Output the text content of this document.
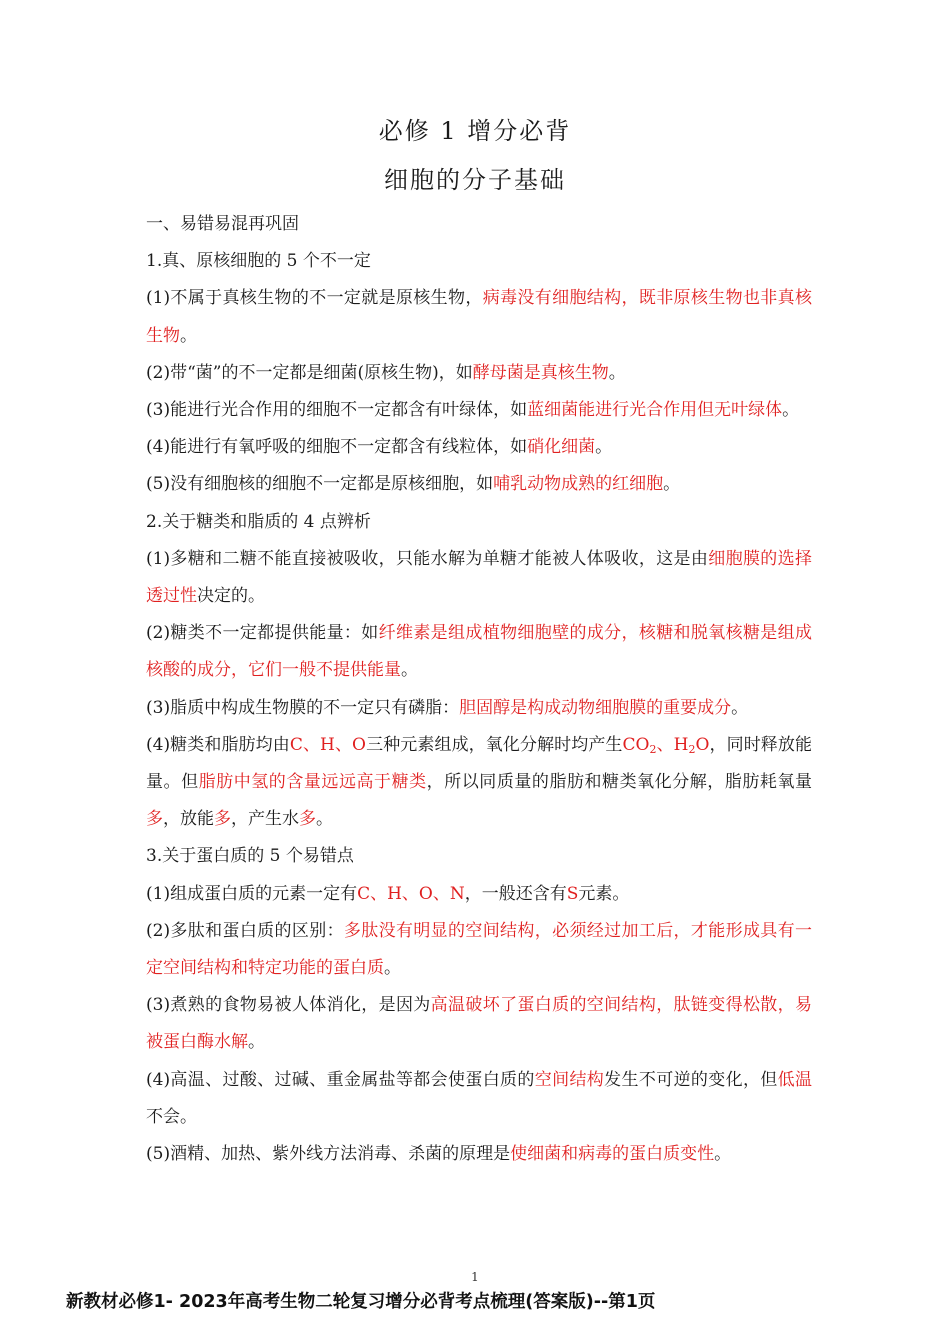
必修 1 增分必背
细胞的分子基础
一、易错易混再巩固
1.真、原核细胞的 5 个不一定
(1)不属于真核生物的不一定就是原核生物，病毒没有细胞结构，既非原核生物也非真核生物。
(2)带“菌”的不一定都是细菌(原核生物)，如酵母菌是真核生物。
(3)能进行光合作用的细胞不一定都含有叶绿体，如蓝细菌能进行光合作用但无叶绿体。
(4)能进行有氧呼吸的细胞不一定都含有线粒体，如硝化细菌。
(5)没有细胞核的细胞不一定都是原核细胞，如哺乳动物成熟的红细胞。
2.关于糖类和脂质的 4 点辨析
(1)多糖和二糖不能直接被吸收，只能水解为单糖才能被人体吸收，这是由细胞膜的选择透过性决定的。
(2)糖类不一定都提供能量：如纤维素是组成植物细胞壁的成分，核糖和脱氧核糖是组成核酸的成分，它们一般不提供能量。
(3)脂质中构成生物膜的不一定只有磷脂：胆固醇是构成动物细胞膜的重要成分。
(4)糖类和脂肪均由C、H、O三种元素组成，氧化分解时均产生$CO_2$、$H_2O$，同时释放能量。但脂肪中氢的含量远远高于糖类，所以同质量的脂肪和糖类氧化分解，脂肪耗氧量多，放能多，产生水多。
3.关于蛋白质的 5 个易错点
(1)组成蛋白质的元素一定有C、H、O、N，一般还含有S元素。
(2)多肽和蛋白质的区别：多肽没有明显的空间结构，必须经过加工后，才能形成具有一定空间结构和特定功能的蛋白质。
(3)煮熟的食物易被人体消化，是因为高温破坏了蛋白质的空间结构，肽链变得松散，易被蛋白酶水解。
(4)高温、过酸、过碱、重金属盐等都会使蛋白质的空间结构发生不可逆的变化，但低温不会。
(5)酒精、加热、紫外线方法消毒、杀菌的原理是使细菌和病毒的蛋白质变性。
1
新教材必修1- 2023年高考生物二轮复习增分必背考点梳理(答案版)--第1页
